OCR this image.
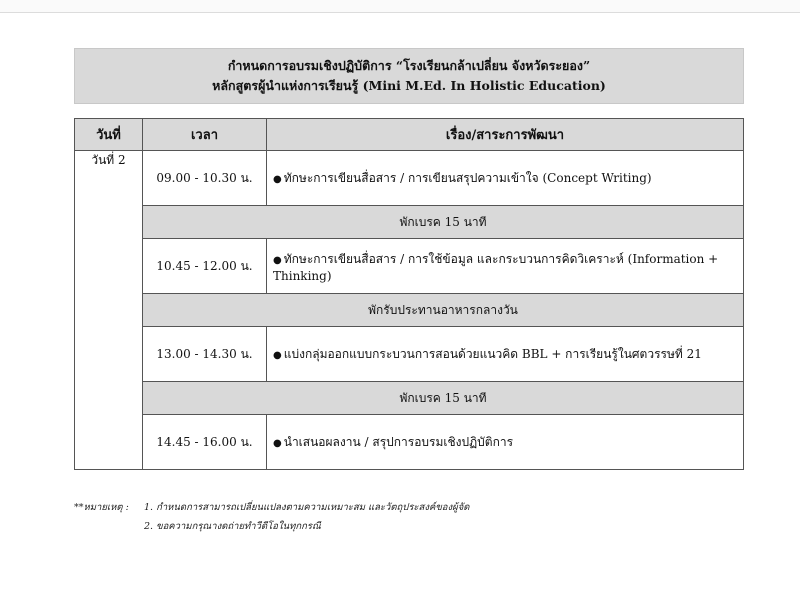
กำหนดการอบรมเชิงปฏิบัติการ “โรงเรียนกล้าเปลี่ยน จังหวัดระยอง”
หลักสูตรผู้นำแห่งการเรียนรู้ (Mini M.Ed. In Holistic Education)
วันที่	เวลา	เรื่อง/สาระการพัฒนา
วันที่ 2	09.00 - 10.30 น.	● ทักษะการเขียนสื่อสาร / การเขียนสรุปความเข้าใจ (Concept Writing)
	พักเบรค 15 นาที	
	10.45 - 12.00 น.	● ทักษะการเขียนสื่อสาร / การใช้ข้อมูล และกระบวนการคิดวิเคราะห์ (Information + Thinking)
	พักรับประทานอาหารกลางวัน	
	13.00 - 14.30 น.	● แบ่งกลุ่มออกแบบกระบวนการสอนด้วยแนวคิด BBL + การเรียนรู้ในศตวรรษที่ 21
	พักเบรค 15 นาที	
	14.45 - 16.00 น.	● นำเสนอผลงาน / สรุปการอบรมเชิงปฏิบัติการ
**หมายเหตุ :	1. กำหนดการสามารถเปลี่ยนแปลงตามความเหมาะสม และวัตถุประสงค์ของผู้จัด
2. ขอความกรุณางดถ่ายทำวีดีโอในทุกกรณี
